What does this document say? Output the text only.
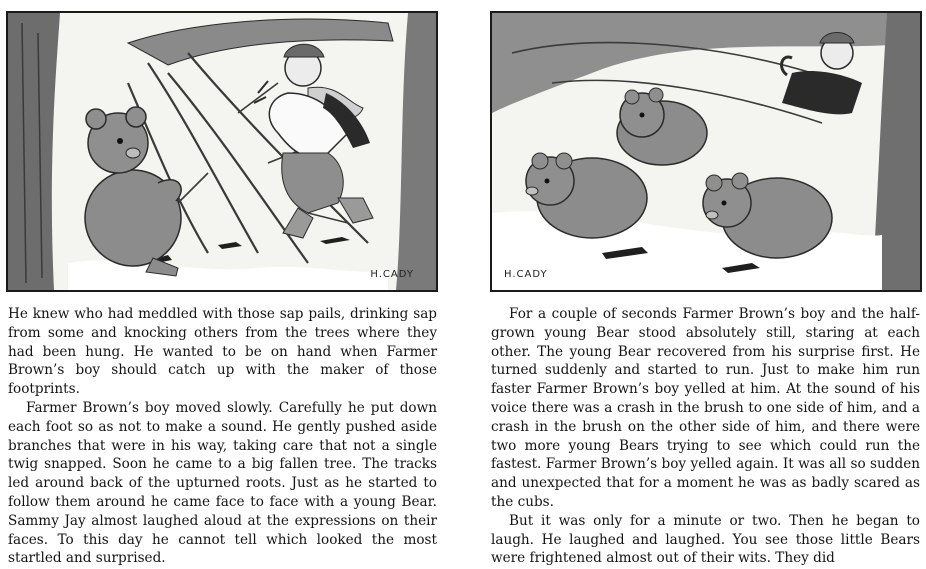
H.CADY	H.CADY

He knew who had meddled with those sap pails, drinking sap from some and knocking others from the trees where they had been hung. He wanted to be on hand when Farmer Brown’s boy should catch up with the maker of those footprints.

Farmer Brown’s boy moved slowly. Carefully he put down each foot so as not to make a sound. He gently pushed aside branches that were in his way, taking care that not a single twig snapped. Soon he came to a big fallen tree. The tracks led around back of the upturned roots. Just as he started to follow them around he came face to face with a young Bear. Sammy Jay almost laughed aloud at the expressions on their faces. To this day he cannot tell which looked the most startled and surprised.

For a couple of seconds Farmer Brown’s boy and the half-grown young Bear stood absolutely still, staring at each other. The young Bear recovered from his surprise first. He turned suddenly and started to run. Just to make him run faster Farmer Brown’s boy yelled at him. At the sound of his voice there was a crash in the brush to one side of him, and a crash in the brush on the other side of him, and there were two more young Bears trying to see which could run the fastest. Farmer Brown’s boy yelled again. It was all so sudden and unexpected that for a moment he was as badly scared as the cubs.

But it was only for a minute or two. Then he began to laugh. He laughed and laughed. You see those little Bears were frightened almost out of their wits. They did
